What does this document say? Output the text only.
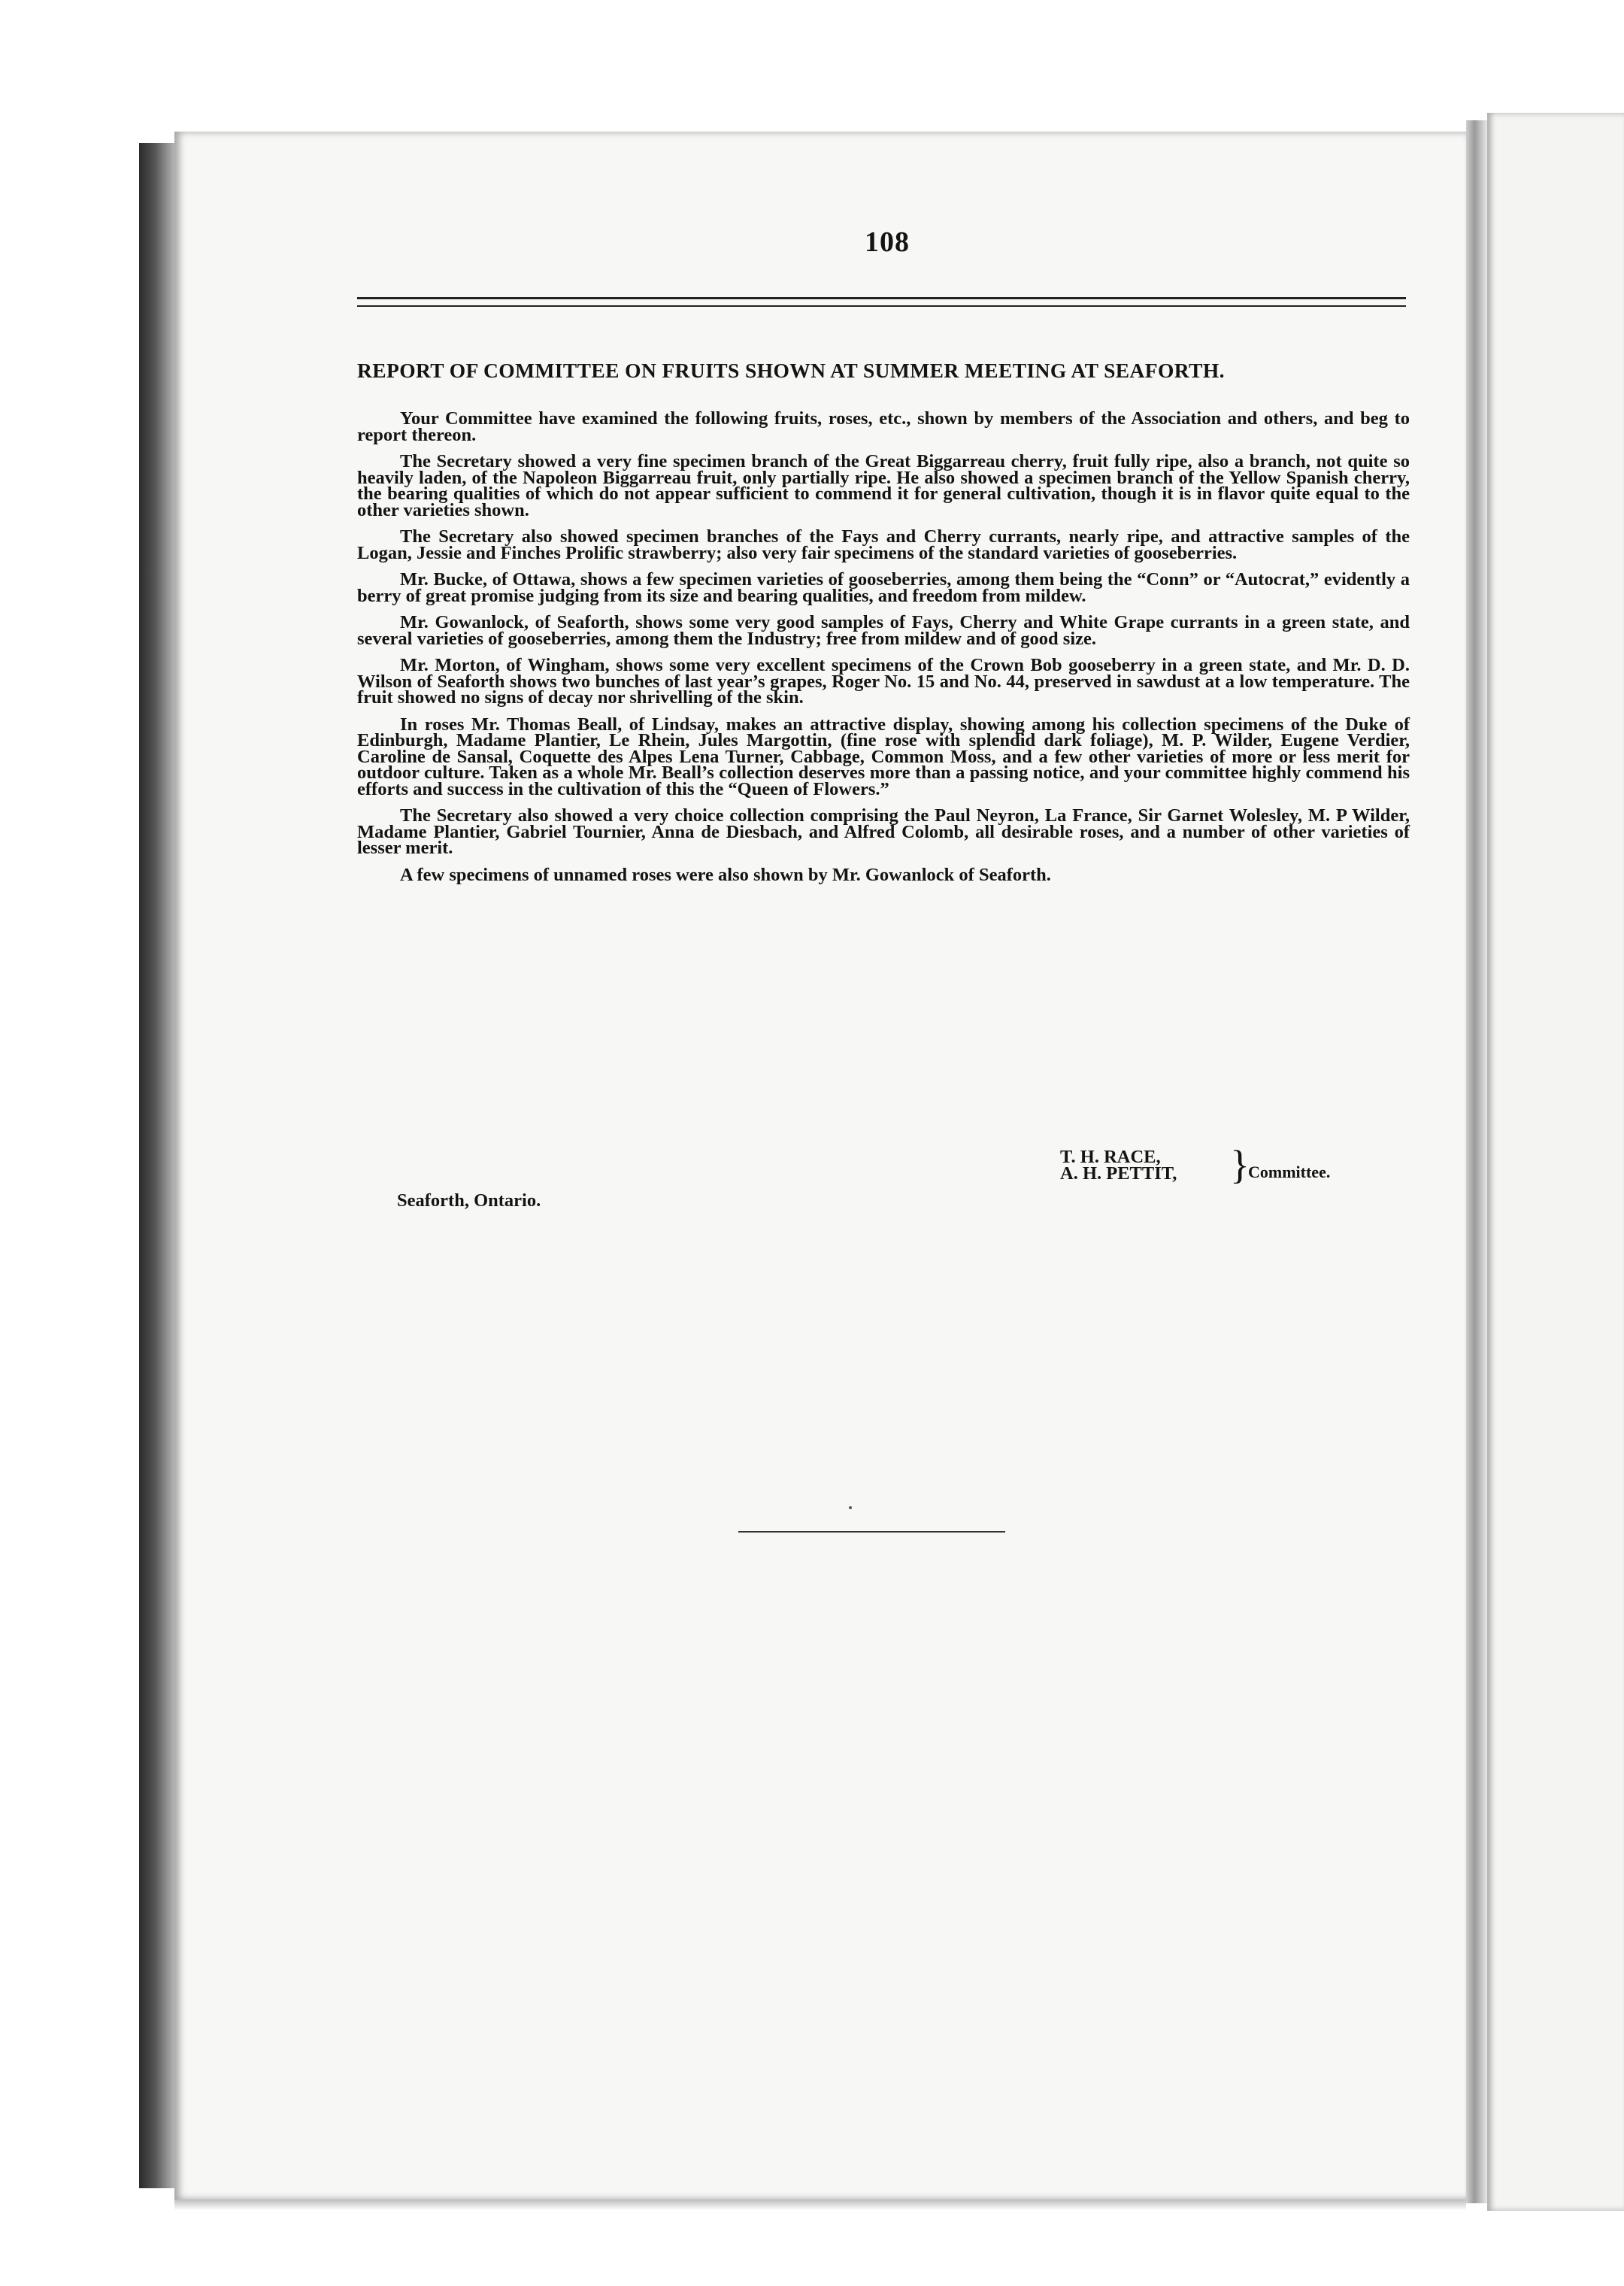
108
REPORT OF COMMITTEE ON FRUITS SHOWN AT SUMMER MEETING AT SEAFORTH.

Your Committee have examined the following fruits, roses, etc., shown by members of the Association and others, and beg to report thereon.

The Secretary showed a very fine specimen branch of the Great Biggarreau cherry, fruit fully ripe, also a branch, not quite so heavily laden, of the Napoleon Biggarreau fruit, only partially ripe. He also showed a specimen branch of the Yellow Spanish cherry, the bearing qualities of which do not appear sufficient to commend it for general cultivation, though it is in flavor quite equal to the other varieties shown.

The Secretary also showed specimen branches of the Fays and Cherry currants, nearly ripe, and attractive samples of the Logan, Jessie and Finches Prolific strawberry; also very fair specimens of the standard varieties of gooseberries.

Mr. Bucke, of Ottawa, shows a few specimen varieties of gooseberries, among them being the “Conn” or “Autocrat,” evidently a berry of great promise judging from its size and bearing qualities, and freedom from mildew.

Mr. Gowanlock, of Seaforth, shows some very good samples of Fays, Cherry and White Grape currants in a green state, and several varieties of gooseberries, among them the Industry; free from mildew and of good size.

Mr. Morton, of Wingham, shows some very excellent specimens of the Crown Bob gooseberry in a green state, and Mr. D. D. Wilson of Seaforth shows two bunches of last year’s grapes, Roger No. 15 and No. 44, preserved in sawdust at a low temperature. The fruit showed no signs of decay nor shrivelling of the skin.

In roses Mr. Thomas Beall, of Lindsay, makes an attractive display, showing among his collection specimens of the Duke of Edinburgh, Madame Plantier, Le Rhein, Jules Margottin, (fine rose with splendid dark foliage), M. P. Wilder, Eugene Verdier, Caroline de Sansal, Coquette des Alpes Lena Turner, Cabbage, Common Moss, and a few other varieties of more or less merit for outdoor culture. Taken as a whole Mr. Beall’s collection deserves more than a passing notice, and your committee highly commend his efforts and success in the cultivation of this the “Queen of Flowers.”

The Secretary also showed a very choice collection comprising the Paul Neyron, La France, Sir Garnet Wolesley, M. P Wilder, Madame Plantier, Gabriel Tournier, Anna de Diesbach, and Alfred Colomb, all desirable roses, and a number of other varieties of lesser merit.

A few specimens of unnamed roses were also shown by Mr. Gowanlock of Seaforth.

T. H. RACE,
A. H. PETTIT, }
Committee.
Seaforth, Ontario.
